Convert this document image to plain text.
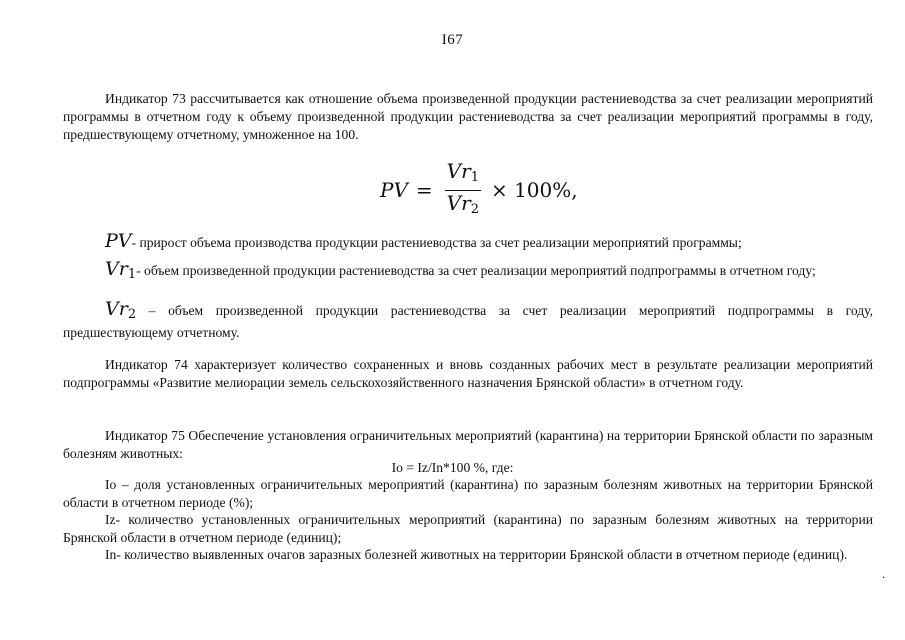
I67

Индикатор 73 рассчитывается как отношение объема произведенной продукции растениеводства за счет реализации мероприятий программы в отчетном году к объему произведенной продукции растениеводства за счет реализации мероприятий программы в году, предшествующему отчетному, умноженное на 100.

PV = $\frac{Vr_1}{Vr_2} \times 100\%$,

PV- прирост объема производства продукции растениеводства за счет реализации мероприятий программы;

$Vr_1-$ объем произведенной продукции растениеводства за счет реализации мероприятий подпрограммы в отчетном году;

$Vr_2$ – объем произведенной продукции растениеводства за счет реализации мероприятий подпрограммы в году, предшествующему отчетному.

Индикатор 74 характеризует количество сохраненных и вновь созданных рабочих мест в результате реализации мероприятий подпрограммы «Развитие мелиорации земель сельскохозяйственного назначения Брянской области» в отчетном году.

Индикатор 75 Обеспечение установления ограничительных мероприятий (карантина) на территории Брянской области по заразным болезням животных:

Io = Iz/In*100 %, где:

Io – доля установленных ограничительных мероприятий (карантина) по заразным болезням животных на территории Брянской области в отчетном периоде (%);

Iz- количество установленных ограничительных мероприятий (карантина) по заразным болезням животных на территории Брянской области в отчетном периоде (единиц);

In- количество выявленных очагов заразных болезней животных на территории Брянской области в отчетном периоде (единиц).

.
